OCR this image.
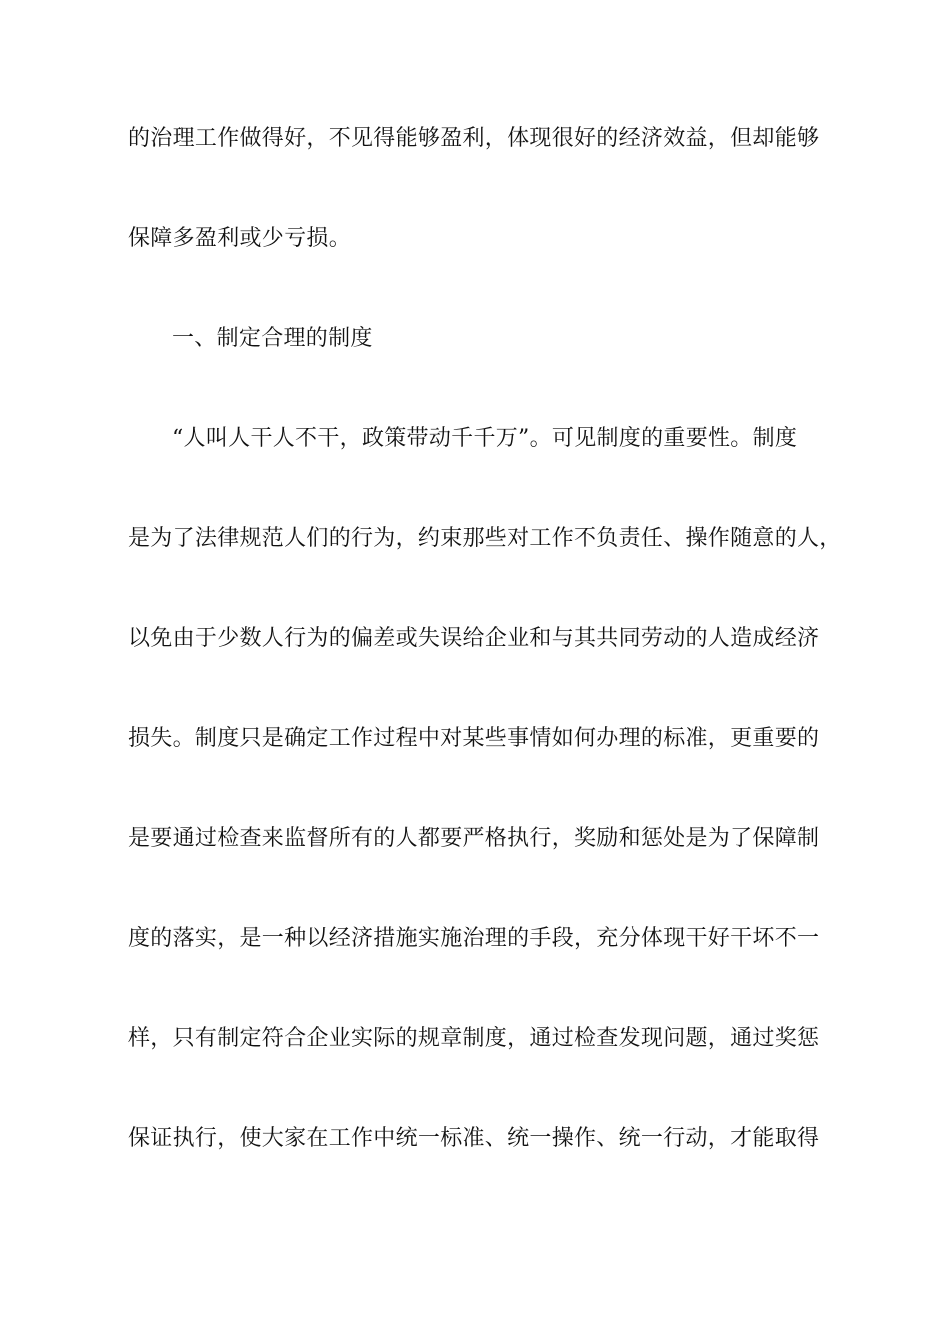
的治理工作做得好，不见得能够盈利，体现很好的经济效益，但却能够
保障多盈利或少亏损。
一、制定合理的制度
“人叫人干人不干，政策带动千千万”。可见制度的重要性。制度
是为了法律规范人们的行为，约束那些对工作不负责任、操作随意的人，
以免由于少数人行为的偏差或失误给企业和与其共同劳动的人造成经济
损失。制度只是确定工作过程中对某些事情如何办理的标准，更重要的
是要通过检查来监督所有的人都要严格执行，奖励和惩处是为了保障制
度的落实，是一种以经济措施实施治理的手段，充分体现干好干坏不一
样，只有制定符合企业实际的规章制度，通过检查发现问题，通过奖惩
保证执行，使大家在工作中统一标准、统一操作、统一行动，才能取得
